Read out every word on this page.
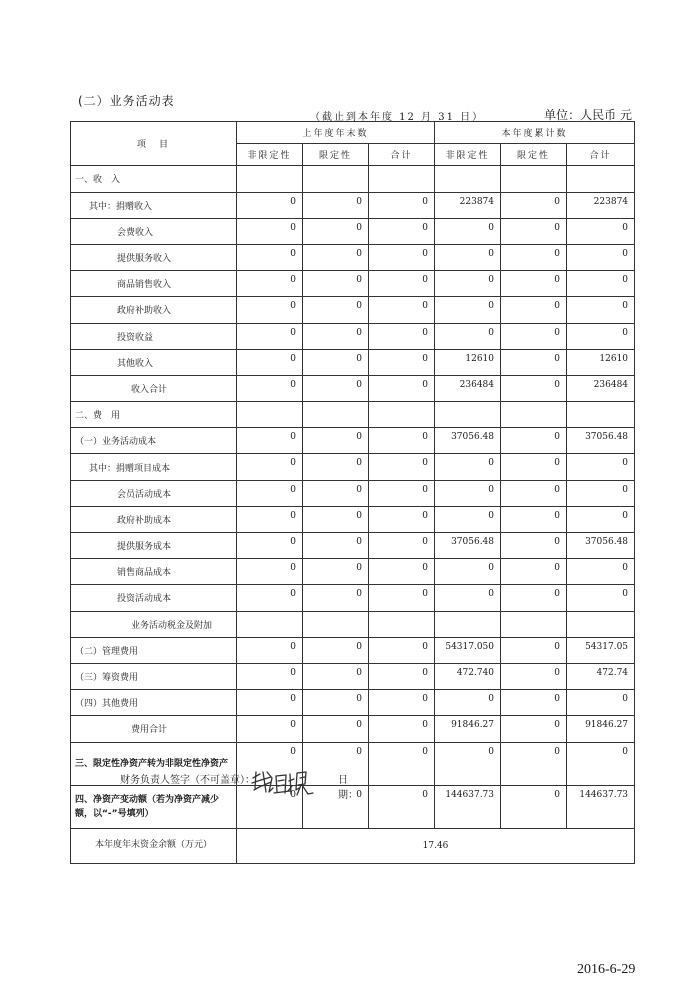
(二）业务活动表
（截止到本年度 12 月 31 日）	单位：人民币 元
项　目	上年度年末数			本年度累计数		
	非限定性	限定性	合计	非限定性	限定性	合计
一、收　入						
其中：捐赠收入	0	0	0	223874	0	223874
会费收入	0	0	0	0	0	0
提供服务收入	0	0	0	0	0	0
商品销售收入	0	0	0	0	0	0
政府补助收入	0	0	0	0	0	0
投资收益	0	0	0	0	0	0
其他收入	0	0	0	12610	0	12610
收入合计	0	0	0	236484	0	236484
二、费　用						
（一）业务活动成本	0	0	0	37056.48	0	37056.48
其中：捐赠项目成本	0	0	0	0	0	0
会员活动成本	0	0	0	0	0	0
政府补助成本	0	0	0	0	0	0
提供服务成本	0	0	0	37056.48	0	37056.48
销售商品成本	0	0	0	0	0	0
投资活动成本	0	0	0	0	0	0
业务活动税金及附加						
（二）管理费用	0	0	0	54317.050	0	54317.05
（三）筹资费用	0	0	0	472.740	0	472.74
（四）其他费用	0	0	0	0	0	0
费用合计	0	0	0	91846.27	0	91846.27
三、限定性净资产转为非限定性净资产	0	0	0	0	0	0
四、净资产变动额（若为净资产减少额，以“-”号填列）	0	0	0	144637.73	0	144637.73
本年度年末资金余额（万元）	17.46					
财务负责人签字（不可盖章）：	日期：
2016-6-29
